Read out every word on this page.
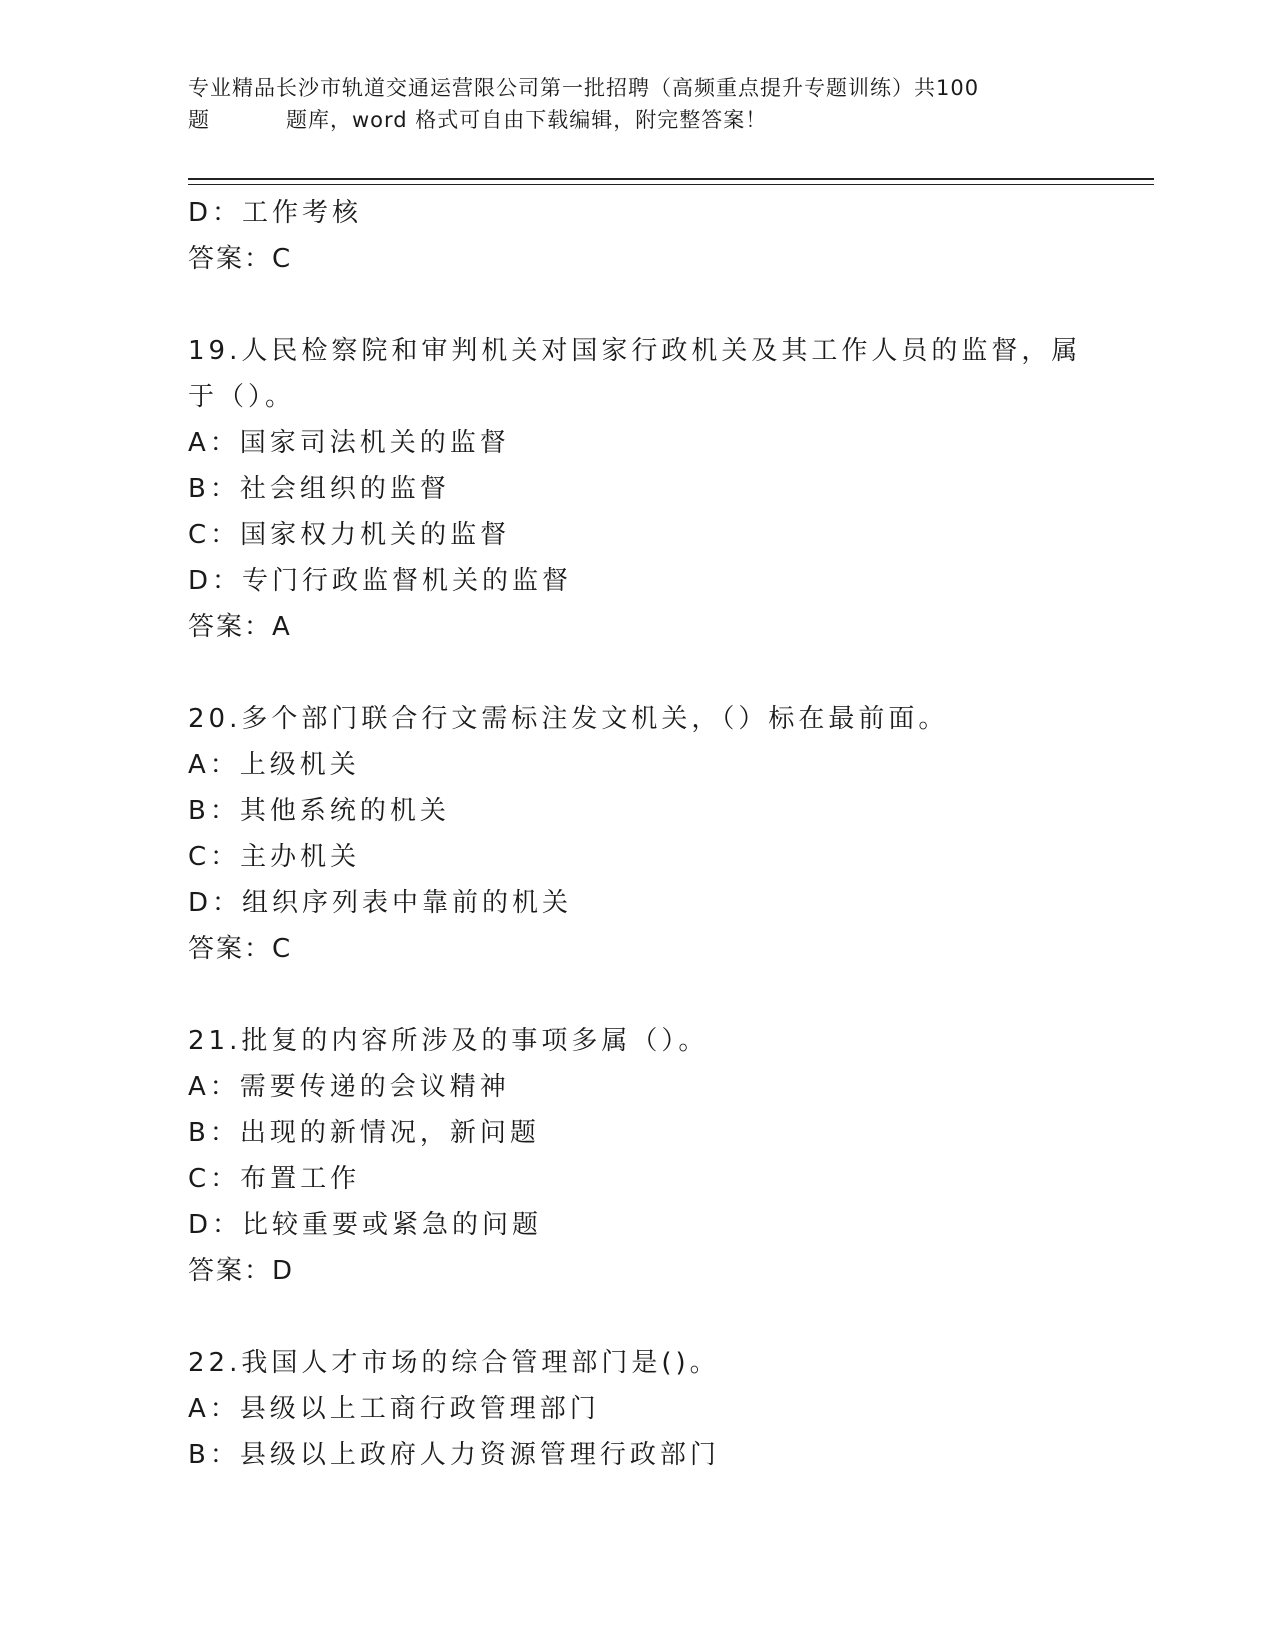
专业精品长沙市轨道交通运营限公司第一批招聘（高频重点提升专题训练）共100
题	题库，word 格式可自由下载编辑，附完整答案！
D：工作考核
答案：C
19.人民检察院和审判机关对国家行政机关及其工作人员的监督，属于（）。
A：国家司法机关的监督
B：社会组织的监督
C：国家权力机关的监督
D：专门行政监督机关的监督
答案：A
20.多个部门联合行文需标注发文机关，（）标在最前面。
A：上级机关
B：其他系统的机关
C：主办机关
D：组织序列表中靠前的机关
答案：C
21.批复的内容所涉及的事项多属（）。
A：需要传递的会议精神
B：出现的新情况，新问题
C：布置工作
D：比较重要或紧急的问题
答案：D
22.我国人才市场的综合管理部门是()。
A：县级以上工商行政管理部门
B：县级以上政府人力资源管理行政部门
